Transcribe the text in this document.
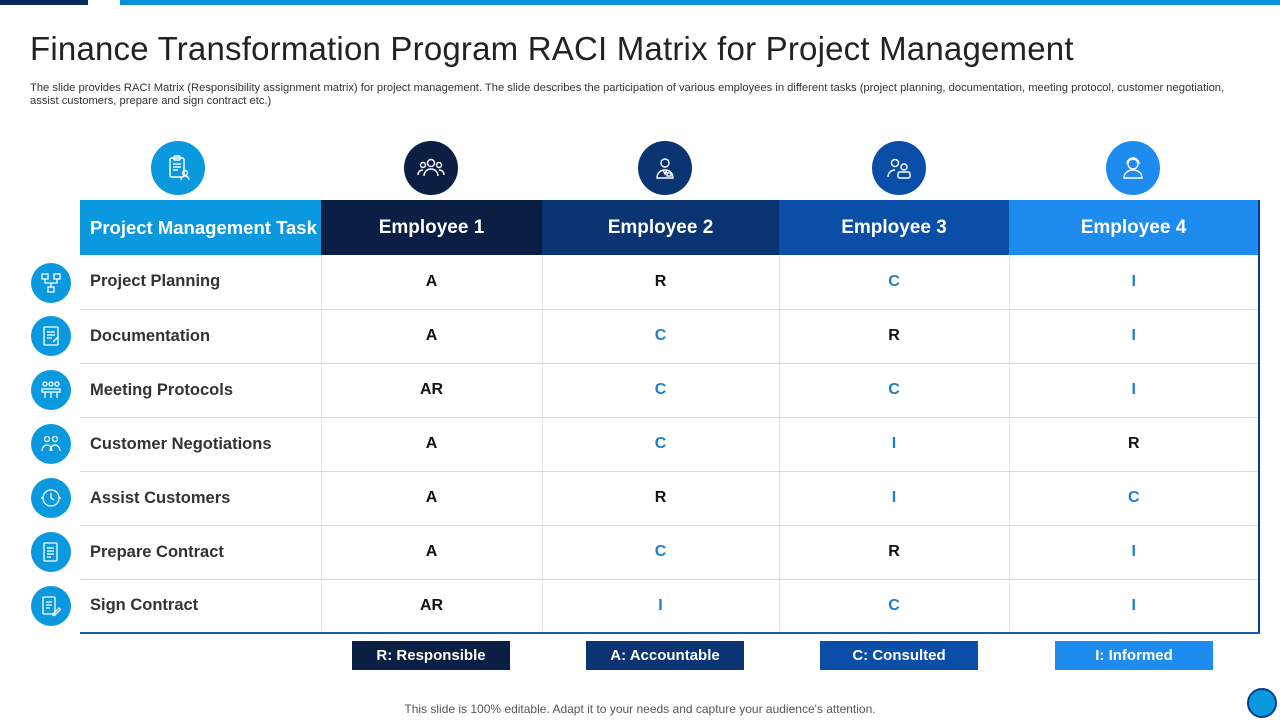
Finance Transformation Program RACI Matrix for Project Management

The slide provides RACI Matrix (Responsibility assignment matrix) for project management. The slide describes the participation of various employees in different tasks (project planning, documentation, meeting protocol, customer negotiation, assist customers, prepare and sign contract etc.)

Project Management Task	Employee 1	Employee 2	Employee 3	Employee 4
Project Planning	A	R	C	I
Documentation	A	C	R	I
Meeting Protocols	AR	C	C	I
Customer Negotiations	A	C	I	R
Assist Customers	A	R	I	C
Prepare Contract	A	C	R	I
Sign Contract	AR	I	C	I
R: Responsible	A: Accountable	C: Consulted	I: Informed
This slide is 100% editable. Adapt it to your needs and capture your audience's attention.
